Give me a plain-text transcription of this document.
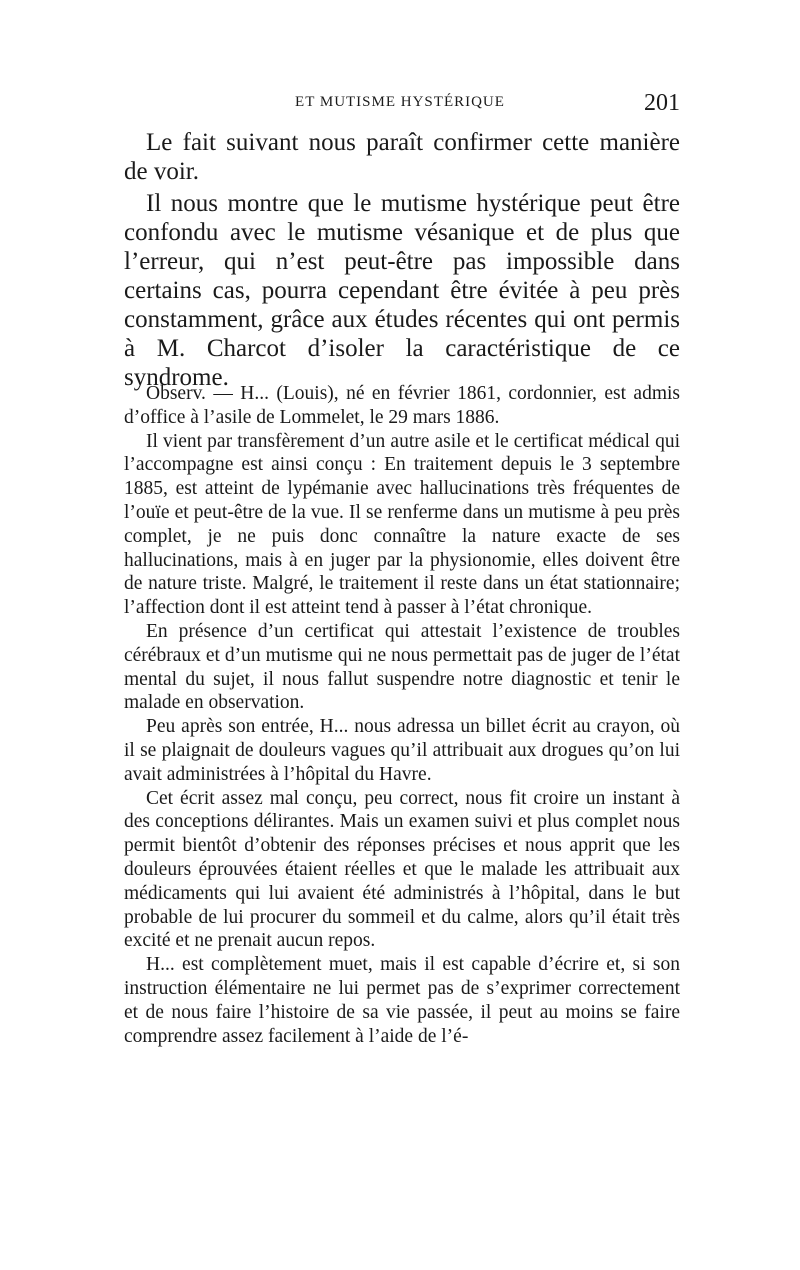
ET MUTISME HYSTÉRIQUE	201

Le fait suivant nous paraît confirmer cette manière de voir.

Il nous montre que le mutisme hystérique peut être confondu avec le mutisme vésanique et de plus que l’erreur, qui n’est peut-être pas impossible dans certains cas, pourra cependant être évitée à peu près constamment, grâce aux études récentes qui ont permis à M. Charcot d’isoler la caractéristique de ce syndrome.

Observ. — H... (Louis), né en février 1861, cordonnier, est admis d’office à l’asile de Lommelet, le 29 mars 1886.

Il vient par transfèrement d’un autre asile et le certificat médical qui l’accompagne est ainsi conçu : En traitement depuis le 3 septembre 1885, est atteint de lypémanie avec hallucinations très fréquentes de l’ouïe et peut-être de la vue. Il se renferme dans un mutisme à peu près complet, je ne puis donc connaître la nature exacte de ses hallucinations, mais à en juger par la physionomie, elles doivent être de nature triste. Malgré, le traitement il reste dans un état stationnaire; l’affection dont il est atteint tend à passer à l’état chronique.

En présence d’un certificat qui attestait l’existence de troubles cérébraux et d’un mutisme qui ne nous permettait pas de juger de l’état mental du sujet, il nous fallut suspendre notre diagnostic et tenir le malade en observation.

Peu après son entrée, H... nous adressa un billet écrit au crayon, où il se plaignait de douleurs vagues qu’il attribuait aux drogues qu’on lui avait administrées à l’hôpital du Havre.

Cet écrit assez mal conçu, peu correct, nous fit croire un instant à des conceptions délirantes. Mais un examen suivi et plus complet nous permit bientôt d’obtenir des réponses précises et nous apprit que les douleurs éprouvées étaient réelles et que le malade les attribuait aux médicaments qui lui avaient été administrés à l’hôpital, dans le but probable de lui procurer du sommeil et du calme, alors qu’il était très excité et ne prenait aucun repos.

H... est complètement muet, mais il est capable d’écrire et, si son instruction élémentaire ne lui permet pas de s’exprimer correctement et de nous faire l’histoire de sa vie passée, il peut au moins se faire comprendre assez facilement à l’aide de l’é-
